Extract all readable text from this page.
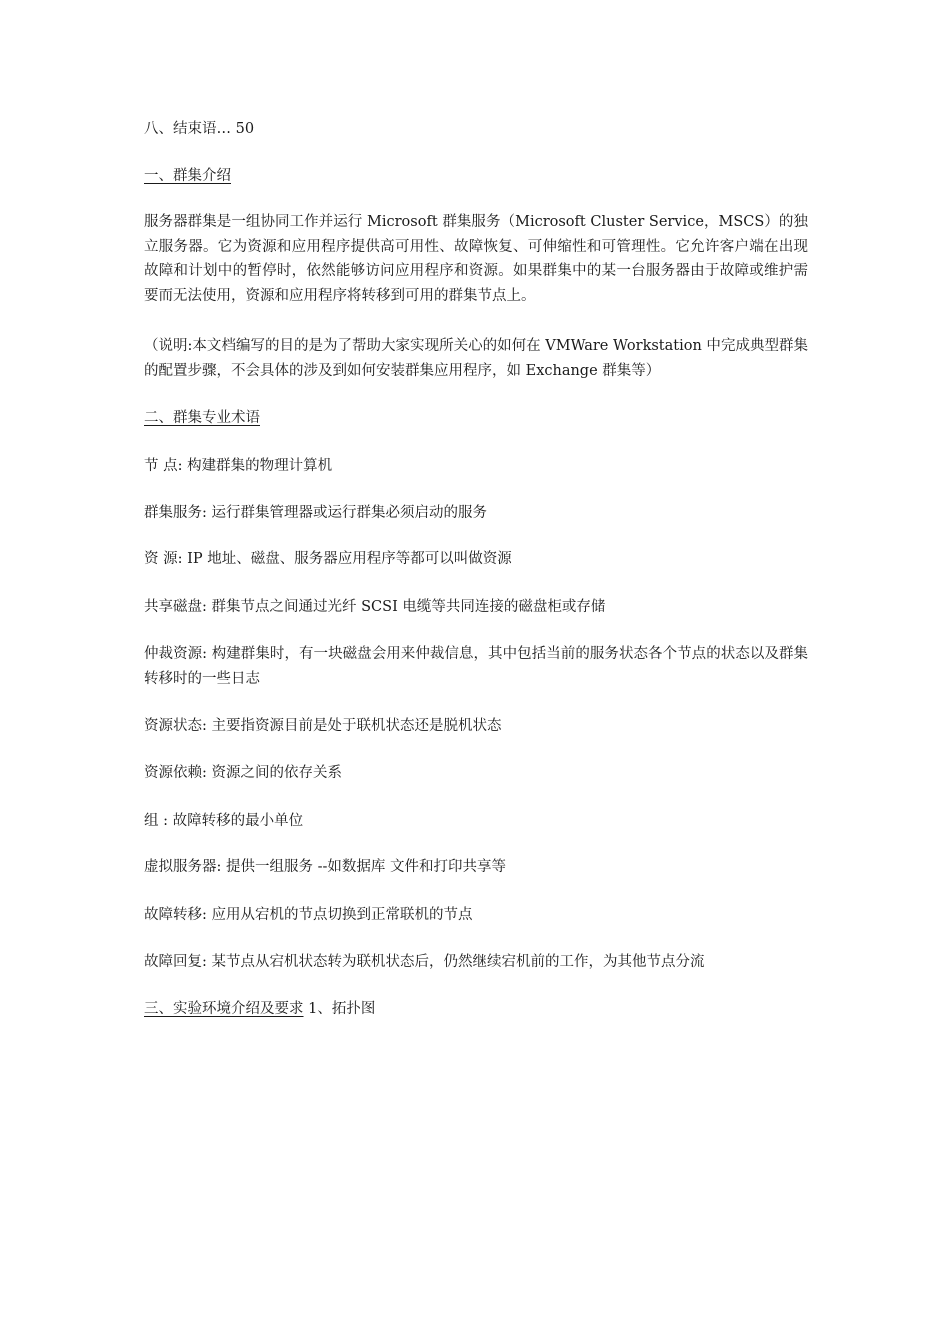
八、结束语… 50
一、群集介绍
服务器群集是一组协同工作并运行 Microsoft 群集服务（Microsoft Cluster Service，MSCS）的独立服务器。它为资源和应用程序提供高可用性、故障恢复、可伸缩性和可管理性。它允许客户端在出现故障和计划中的暂停时，依然能够访问应用程序和资源。如果群集中的某一台服务器由于故障或维护需要而无法使用，资源和应用程序将转移到可用的群集节点上。
（说明:本文档编写的目的是为了帮助大家实现所关心的如何在 VMWare Workstation 中完成典型群集的配置步骤，不会具体的涉及到如何安装群集应用程序，如 Exchange 群集等）
二、群集专业术语
节 点: 构建群集的物理计算机
群集服务: 运行群集管理器或运行群集必须启动的服务
资 源: IP 地址、磁盘、服务器应用程序等都可以叫做资源
共享磁盘: 群集节点之间通过光纤 SCSI 电缆等共同连接的磁盘柜或存储
仲裁资源: 构建群集时，有一块磁盘会用来仲裁信息，其中包括当前的服务状态各个节点的状态以及群集转移时的一些日志
资源状态: 主要指资源目前是处于联机状态还是脱机状态
资源依赖: 资源之间的依存关系
组 : 故障转移的最小单位
虚拟服务器: 提供一组服务 --如数据库 文件和打印共享等
故障转移: 应用从宕机的节点切换到正常联机的节点
故障回复: 某节点从宕机状态转为联机状态后，仍然继续宕机前的工作，为其他节点分流
三、实验环境介绍及要求 1、拓扑图
